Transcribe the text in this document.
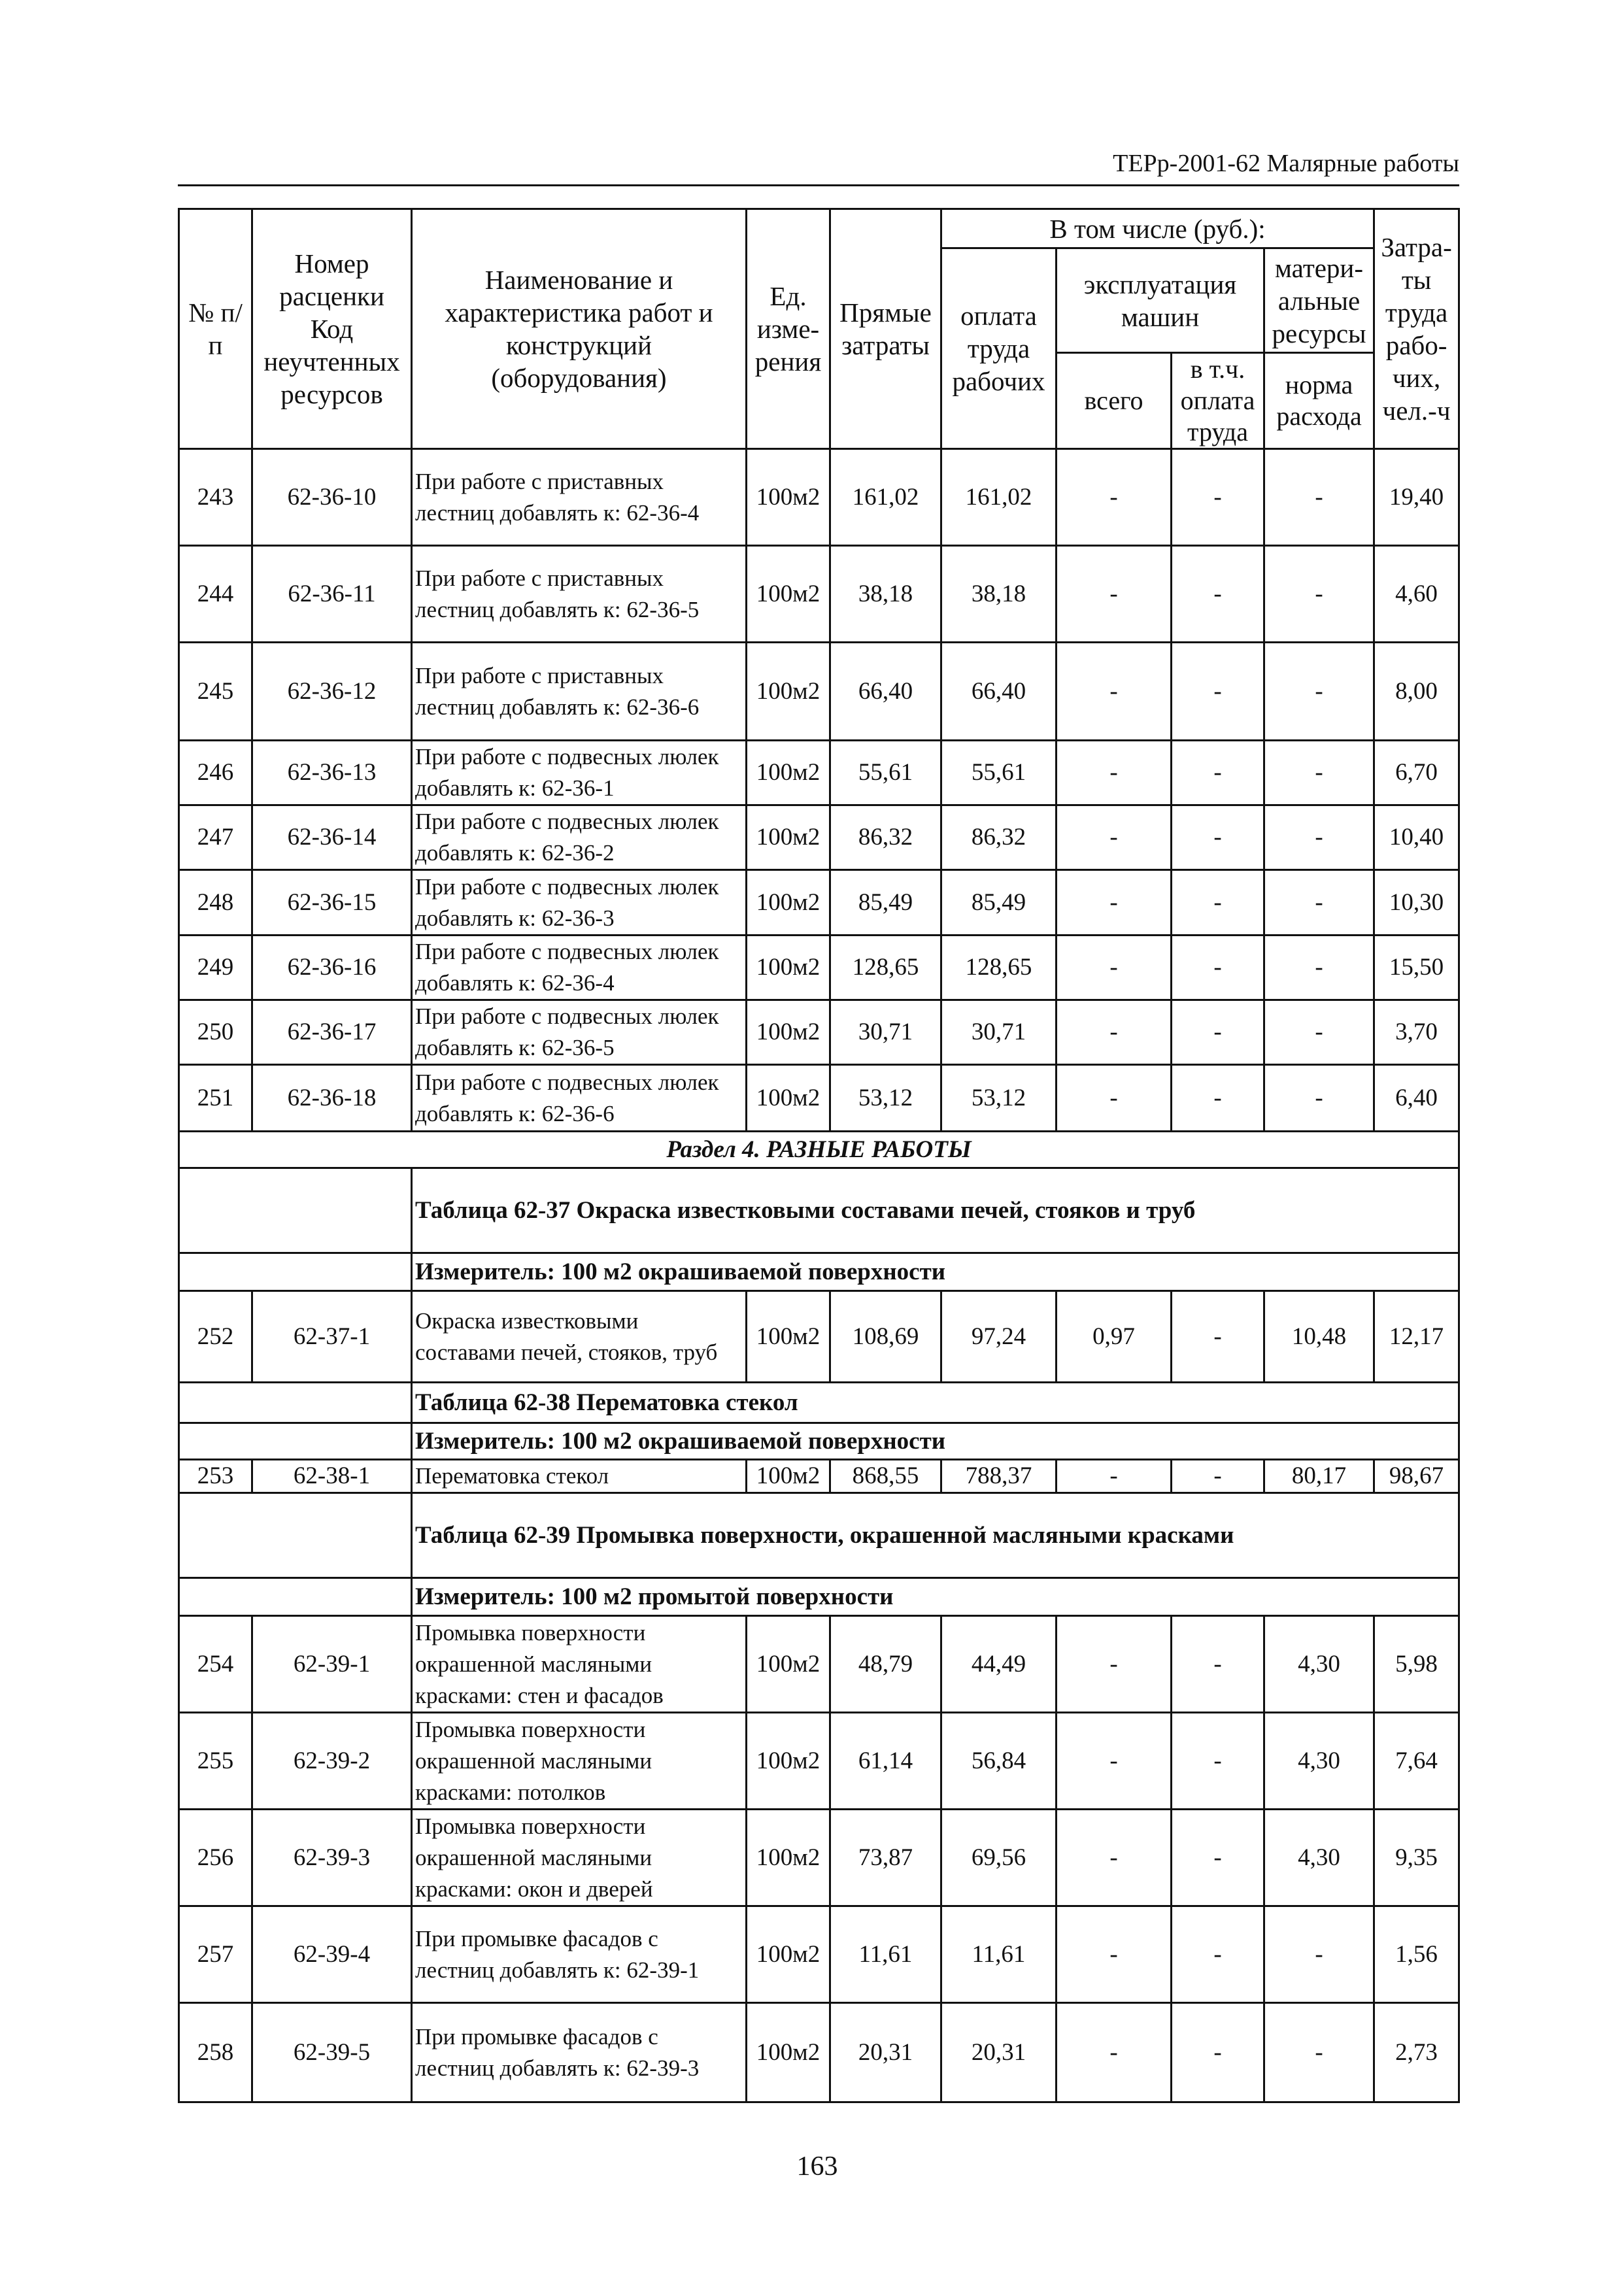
ТЕРр-2001-62 Малярные работы
№ п/п	Номер расценки Код неучтенных ресурсов	Наименование и характеристика работ и конструкций (оборудования)	Ед. изме-рения	Прямые затраты	В том числе (руб.):				Затра-ты труда рабо-чих, чел.-ч
					оплата труда рабочих	эксплуатация машин		матери-альные ресурсы	
						всего	в т.ч. оплата труда	норма расхода	

243	62-36-10	При работе с приставных лестниц добавлять к: 62-36-4	100м2	161,02	161,02	-	-	-	19,40
244	62-36-11	При работе с приставных лестниц добавлять к: 62-36-5	100м2	38,18	38,18	-	-	-	4,60
245	62-36-12	При работе с приставных лестниц добавлять к: 62-36-6	100м2	66,40	66,40	-	-	-	8,00
246	62-36-13	При работе с подвесных люлек добавлять к: 62-36-1	100м2	55,61	55,61	-	-	-	6,70
247	62-36-14	При работе с подвесных люлек добавлять к: 62-36-2	100м2	86,32	86,32	-	-	-	10,40
248	62-36-15	При работе с подвесных люлек добавлять к: 62-36-3	100м2	85,49	85,49	-	-	-	10,30
249	62-36-16	При работе с подвесных люлек добавлять к: 62-36-4	100м2	128,65	128,65	-	-	-	15,50
250	62-36-17	При работе с подвесных люлек добавлять к: 62-36-5	100м2	30,71	30,71	-	-	-	3,70
251	62-36-18	При работе с подвесных люлек добавлять к: 62-36-6	100м2	53,12	53,12	-	-	-	6,40
Раздел 4. РАЗНЫЕ РАБОТЫ									
		Таблица 62-37 Окраска известковыми составами печей, стояков и труб							
		Измеритель: 100 м2 окрашиваемой поверхности							
252	62-37-1	Окраска известковыми составами печей, стояков, труб	100м2	108,69	97,24	0,97	-	10,48	12,17
		Таблица 62-38 Перематовка стекол							
		Измеритель: 100 м2 окрашиваемой поверхности							
253	62-38-1	Перематовка стекол	100м2	868,55	788,37	-	-	80,17	98,67
		Таблица 62-39 Промывка поверхности, окрашенной масляными красками							
		Измеритель: 100 м2 промытой поверхности							
254	62-39-1	Промывка поверхности окрашенной масляными красками: стен и фасадов	100м2	48,79	44,49	-	-	4,30	5,98
255	62-39-2	Промывка поверхности окрашенной масляными красками: потолков	100м2	61,14	56,84	-	-	4,30	7,64
256	62-39-3	Промывка поверхности окрашенной масляными красками: окон и дверей	100м2	73,87	69,56	-	-	4,30	9,35
257	62-39-4	При промывке фасадов с лестниц добавлять к: 62-39-1	100м2	11,61	11,61	-	-	-	1,56
258	62-39-5	При промывке фасадов с лестниц добавлять к: 62-39-3	100м2	20,31	20,31	-	-	-	2,73
163
